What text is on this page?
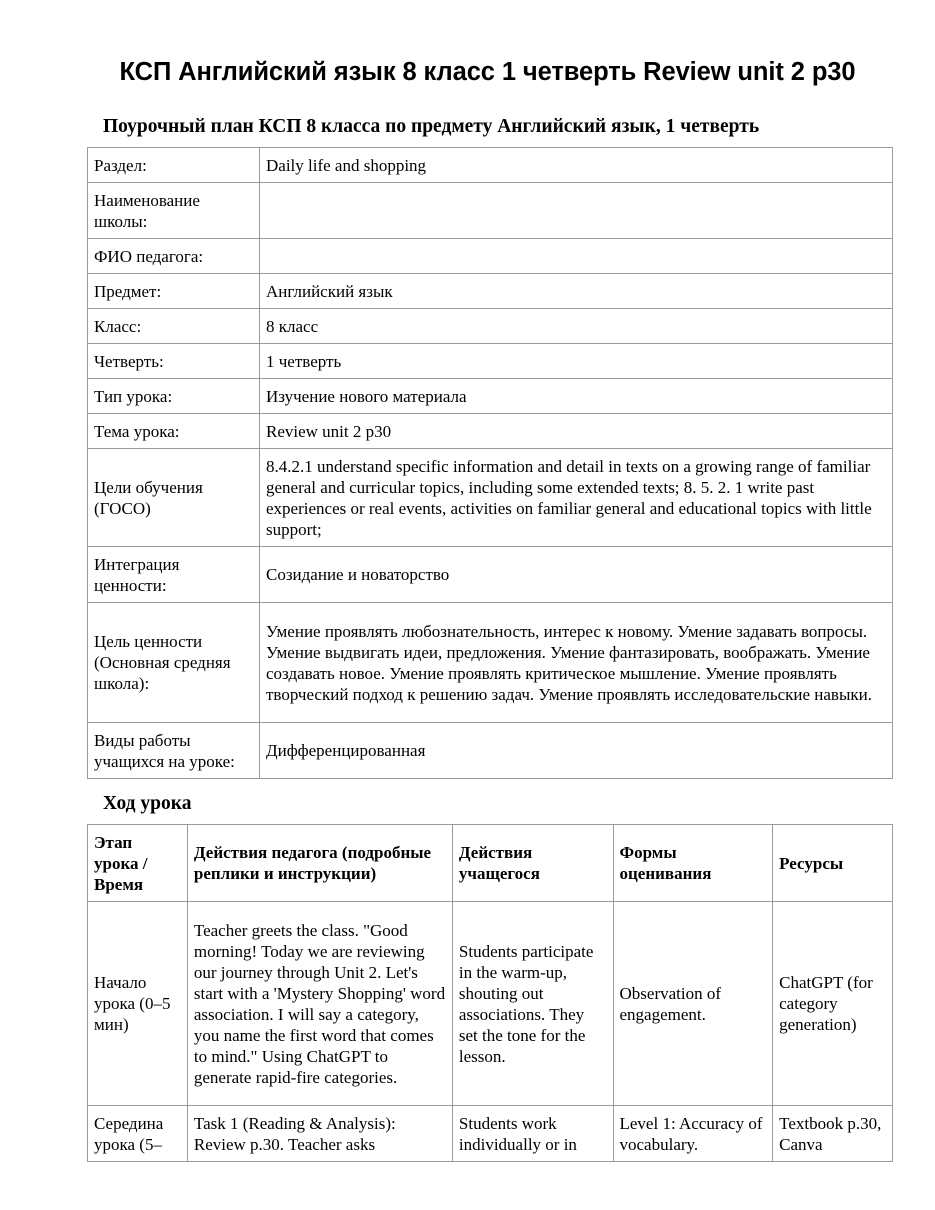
КСП Английский язык 8 класс 1 четверть Review unit 2 p30
Поурочный план КСП 8 класса по предмету Английский язык, 1 четверть
Раздел:	Daily life and shopping
Наименование школы:	
ФИО педагога:	
Предмет:	Английский язык
Класс:	8 класс
Четверть:	1 четверть
Тип урока:	Изучение нового материала
Тема урока:	Review unit 2 p30
Цели обучения (ГОСО)	8.4.2.1 understand specific information and detail in texts on a growing range of familiar general and curricular topics, including some extended texts; 8. 5. 2. 1 write past experiences or real events, activities on familiar general and educational topics with little support;
Интеграция ценности:	Созидание и новаторство
Цель ценности (Основная средняя школа):	Умение проявлять любознательность, интерес к новому. Умение задавать вопросы. Умение выдвигать идеи, предложения. Умение фантазировать, воображать. Умение создавать новое. Умение проявлять критическое мышление. Умение проявлять творческий подход к решению задач. Умение проявлять исследовательские навыки.
Виды работы учащихся на уроке:	Дифференцированная
Ход урока
Этап урока / Время	Действия педагога (подробные реплики и инструкции)	Действия учащегося	Формы оценивания	Ресурсы
Начало урока (0–5 мин)	Teacher greets the class. "Good morning! Today we are reviewing our journey through Unit 2. Let's start with a 'Mystery Shopping' word association. I will say a category, you name the first word that comes to mind." Using ChatGPT to generate rapid-fire categories.	Students participate in the warm-up, shouting out associations. They set the tone for the lesson.	Observation of engagement.	ChatGPT (for category generation)
Середина урока (5–	Task 1 (Reading & Analysis): Review p.30. Teacher asks	Students work individually or in	Level 1: Accuracy of vocabulary.	Textbook p.30, Canva
